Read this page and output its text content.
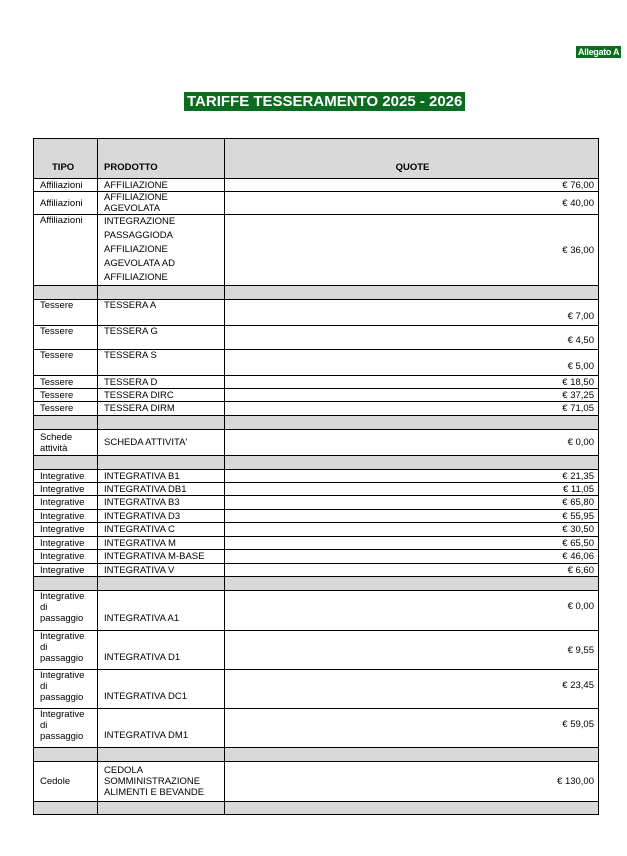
Allegato A
TARIFFE TESSERAMENTO 2025 - 2026
TIPO	PRODOTTO	QUOTE
Affiliazioni	AFFILIAZIONE	€ 76,00
Affiliazioni	AFFILIAZIONE AGEVOLATA	€ 40,00
Affiliazioni	INTEGRAZIONE PASSAGGIODA AFFILIAZIONE AGEVOLATA AD AFFILIAZIONE	€ 36,00

Tessere	TESSERA A	€ 7,00
Tessere	TESSERA G	€ 4,50
Tessere	TESSERA S	€ 5,00
Tessere	TESSERA D	€ 18,50
Tessere	TESSERA DIRC	€ 37,25
Tessere	TESSERA DIRM	€ 71,05

Schede attività	SCHEDA ATTIVITA'	€ 0,00

Integrative	INTEGRATIVA B1	€ 21,35
Integrative	INTEGRATIVA DB1	€ 11,05
Integrative	INTEGRATIVA B3	€ 65,80
Integrative	INTEGRATIVA D3	€ 55,95
Integrative	INTEGRATIVA C	€ 30,50
Integrative	INTEGRATIVA M	€ 65,50
Integrative	INTEGRATIVA M-BASE	€ 46,06
Integrative	INTEGRATIVA V	€ 6,60

Integrative di passaggio	INTEGRATIVA A1	€ 0,00
Integrative di passaggio	INTEGRATIVA D1	€ 9,55
Integrative di passaggio	INTEGRATIVA DC1	€ 23,45
Integrative di passaggio	INTEGRATIVA DM1	€ 59,05

Cedole	CEDOLA SOMMINISTRAZIONE ALIMENTI E BEVANDE	€ 130,00
